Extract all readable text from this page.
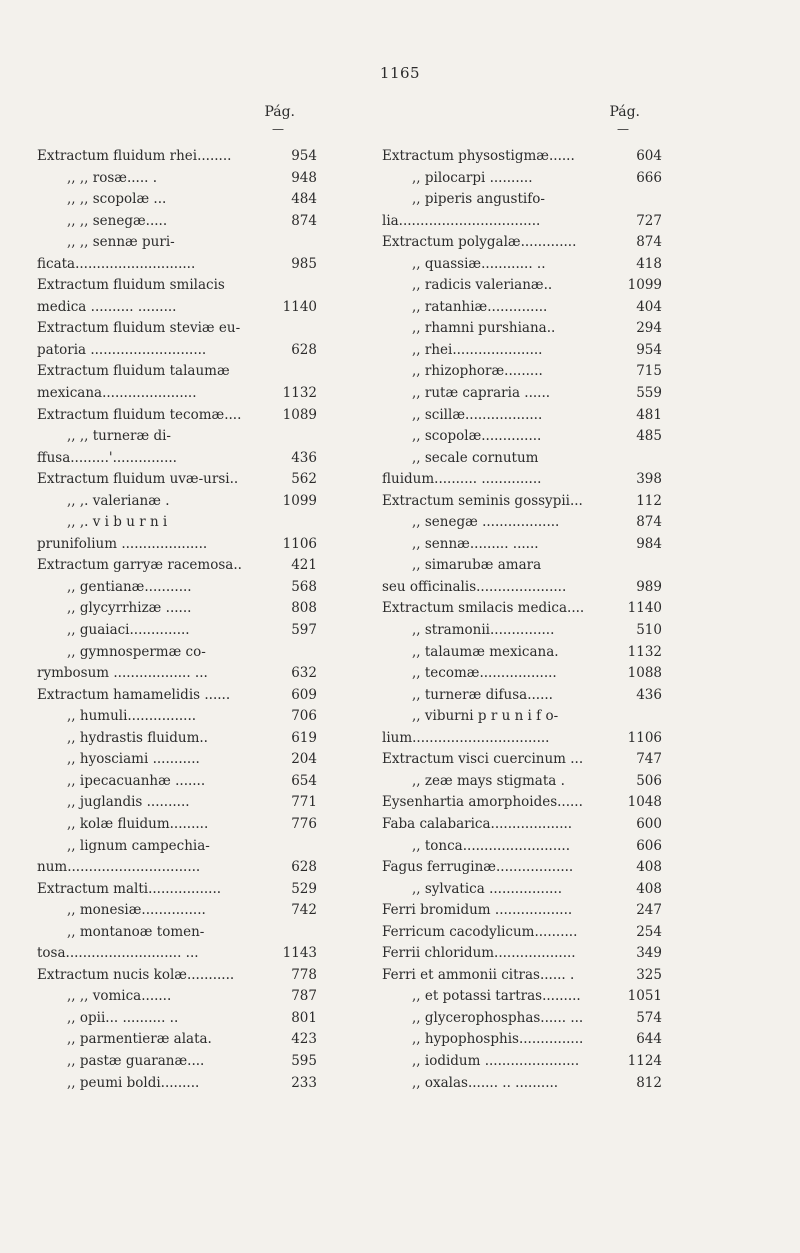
1165
Pág.
—
Extractum fluidum rhei........	954
,, ,, rosæ..... .	948
,, ,, scopolæ ...	484
,, ,, senegæ.....	874
,, ,, sennæ puri-
ficata............................	985
Extractum fluidum smilacis
medica .......... .........	1140
Extractum fluidum steviæ eu-
patoria ...........................	628
Extractum fluidum talaumæ
mexicana......................	1132
Extractum fluidum tecomæ....	1089
,, ,, turneræ di-
ffusa.........'...............	436
Extractum fluidum uvæ-ursi..	562
,, ,. valerianæ .	1099
,, ,. v i b u r n i
prunifolium ....................	1106
Extractum garryæ racemosa..	421
,, gentianæ...........	568
,, glycyrrhizæ ......	808
,, guaiaci..............	597
,, gymnospermæ co-
rymbosum .................. ...	632
Extractum hamamelidis ......	609
,, humuli................	706
,, hydrastis fluidum..	619
,, hyosciami ...........	204
,, ipecacuanhæ .......	654
,, juglandis ..........	771
,, kolæ fluidum.........	776
,, lignum campechia-
num...............................	628
Extractum malti.................	529
,, monesiæ...............	742
,, montanoæ tomen-
tosa........................... ...	1143
Extractum nucis kolæ...........	778
,, ,, vomica.......	787
,, opii... .......... ..	801
,, parmentieræ alata.	423
,, pastæ guaranæ....	595
,, peumi boldi.........	233
Pág.
—
Extractum physostigmæ......	604
,, pilocarpi ..........	666
,, piperis angustifo-
lia.................................	727
Extractum polygalæ.............	874
,, quassiæ............ ..	418
,, radicis valerianæ..	1099
,, ratanhiæ..............	404
,, rhamni purshiana..	294
,, rhei.....................	954
,, rhizophoræ.........	715
,, rutæ capraria ......	559
,, scillæ..................	481
,, scopolæ..............	485
,, secale cornutum
fluidum.......... ..............	398
Extractum seminis gossypii...	112
,, senegæ ..................	874
,, sennæ......... ......	984
,, simarubæ amara
seu officinalis.....................	989
Extractum smilacis medica....	1140
,, stramonii...............	510
,, talaumæ mexicana.	1132
,, tecomæ..................	1088
,, turneræ difusa......	436
,, viburni p r u n i f o-
lium................................	1106
Extractum visci cuercinum ...	747
,, zeæ mays stigmata .	506
Eysenhartia amorphoides......	1048
Faba calabarica...................	600
,, tonca.........................	606
Fagus ferruginæ..................	408
,, sylvatica .................	408
Ferri bromidum ..................	247
Ferricum cacodylicum..........	254
Ferrii chloridum...................	349
Ferri et ammonii citras...... .	325
,, et potassi tartras.........	1051
,, glycerophosphas...... ...	574
,, hypophosphis...............	644
,, iodidum ......................	1124
,, oxalas....... .. ..........	812
